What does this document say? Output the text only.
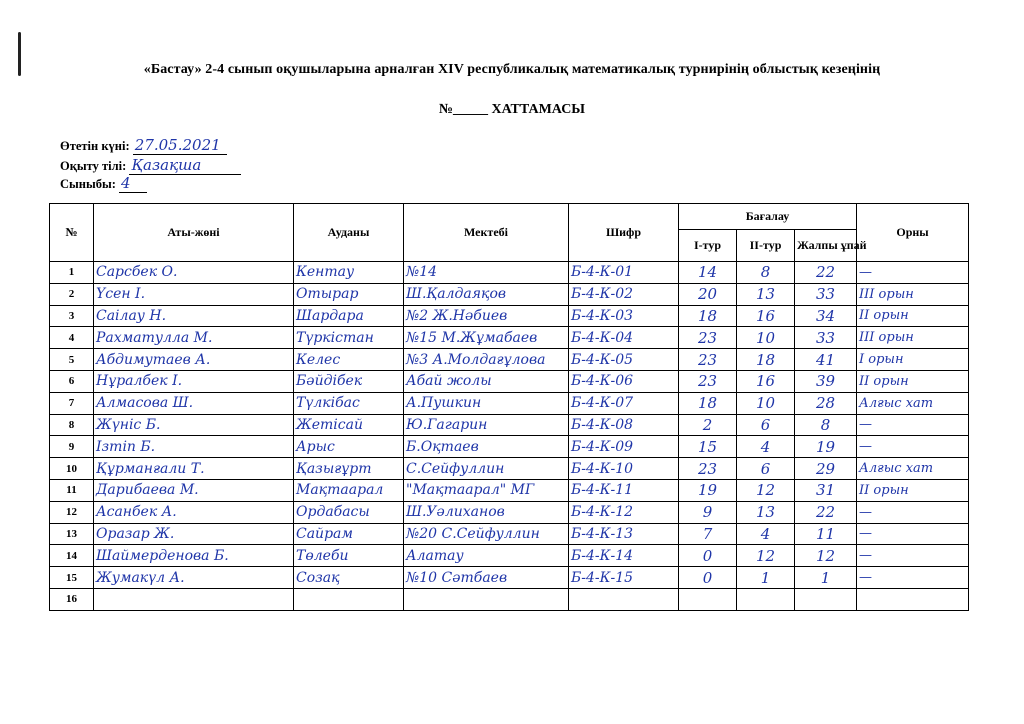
«Бастау» 2-4 сынып оқушыларына арналған XIV республикалық математикалық турнирінің облыстық кезеңінің
№_____ ХАТТАМАСЫ
Өтетін күні: 27.05.2021
Оқыту тілі: Қазақша
Сыныбы: 4
№	Аты-жөні	Ауданы	Мектебі	Шифр	Бағалау			Орны
					I-тур	II-тур	Жалпы ұпай	
1	Сарсбек О.	Кентау	№14	Б-4-К-01	14	8	22	—
2	Үсен І.	Отырар	Ш.Қалдаяқов	Б-4-К-02	20	13	33	ІІІ орын
3	Саілау Н.	Шардара	№2 Ж.Нәбиев	Б-4-К-03	18	16	34	ІІ орын
4	Рахматулла М.	Түркістан	№15 М.Жұмабаев	Б-4-К-04	23	10	33	ІІІ орын
5	Абдимутаев А.	Келес	№3 А.Молдағұлова	Б-4-К-05	23	18	41	І орын
6	Нұралбек І.	Бәйдібек	Абай жолы	Б-4-К-06	23	16	39	ІІ орын
7	Алмасова Ш.	Түлкібас	А.Пушкин	Б-4-К-07	18	10	28	Алғыс хат
8	Жүніс Б.	Жетісай	Ю.Гагарин	Б-4-К-08	2	6	8	—
9	Ізтіп Б.	Арыс	Б.Оқтаев	Б-4-К-09	15	4	19	—
10	Құрманғали Т.	Қазығұрт	С.Сейфуллин	Б-4-К-10	23	6	29	Алғыс хат
11	Дарибаева М.	Мақтаарал	"Мақтаарал" МГ	Б-4-К-11	19	12	31	ІІ орын
12	Асанбек А.	Ордабасы	Ш.Уәлиханов	Б-4-К-12	9	13	22	—
13	Оразар Ж.	Сайрам	№20 С.Сейфуллин	Б-4-К-13	7	4	11	—
14	Шаймерденова Б.	Төлеби	Алатау	Б-4-К-14	0	12	12	—
15	Жумакүл А.	Созақ	№10 Сәтбаев	Б-4-К-15	0	1	1	—
16								
